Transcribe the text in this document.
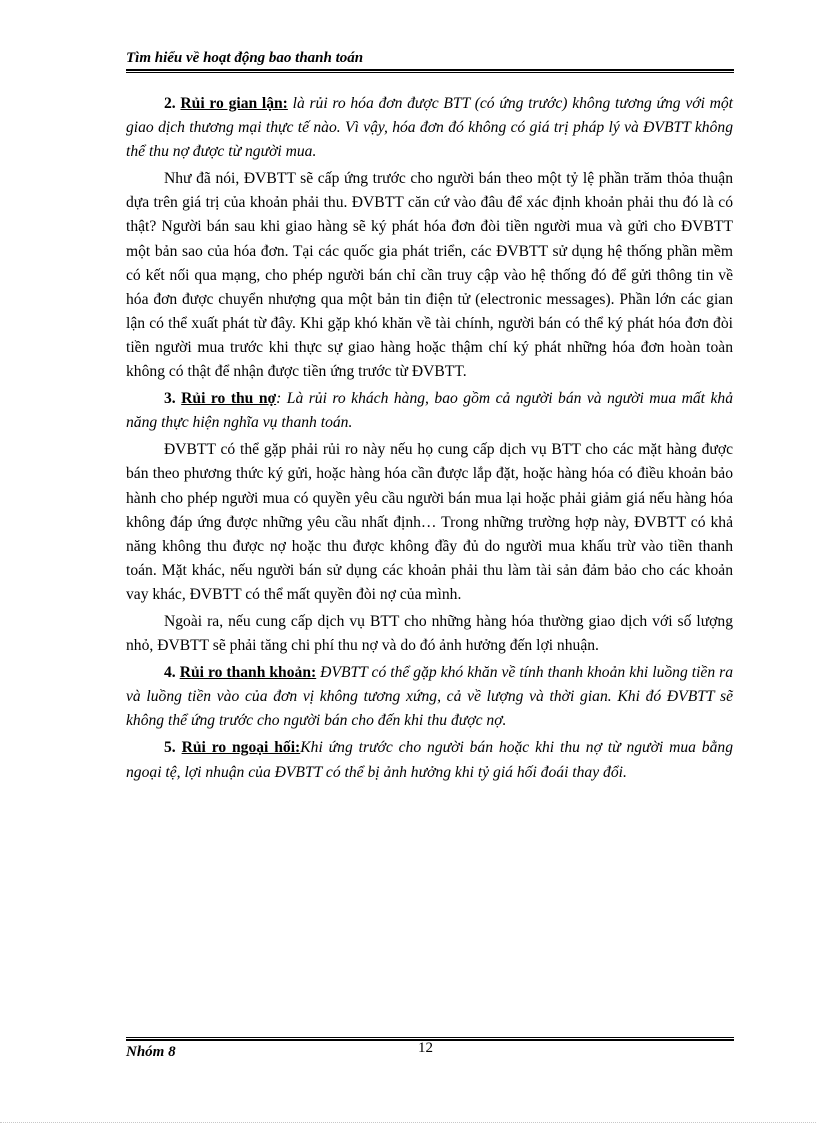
Tìm hiểu về hoạt động bao thanh toán

2. Rủi ro gian lận: là rủi ro hóa đơn được BTT (có ứng trước) không tương ứng với một giao dịch thương mại thực tế nào. Vì vậy, hóa đơn đó không có giá trị pháp lý và ĐVBTT không thể thu nợ được từ người mua.

Như đã nói, ĐVBTT sẽ cấp ứng trước cho người bán theo một tỷ lệ phần trăm thỏa thuận dựa trên giá trị của khoản phải thu. ĐVBTT căn cứ vào đâu để xác định khoản phải thu đó là có thật? Người bán sau khi giao hàng sẽ ký phát hóa đơn đòi tiền người mua và gửi cho ĐVBTT một bản sao của hóa đơn. Tại các quốc gia phát triển, các ĐVBTT sử dụng hệ thống phần mềm có kết nối qua mạng, cho phép người bán chỉ cần truy cập vào hệ thống đó để gửi thông tin về hóa đơn được chuyển nhượng qua một bản tin điện tử (electronic messages). Phần lớn các gian lận có thể xuất phát từ đây. Khi gặp khó khăn về tài chính, người bán có thể ký phát hóa đơn đòi tiền người mua trước khi thực sự giao hàng hoặc thậm chí ký phát những hóa đơn hoàn toàn không có thật để nhận được tiền ứng trước từ ĐVBTT.

3. Rủi ro thu nợ: Là rủi ro khách hàng, bao gồm cả người bán và người mua mất khả năng thực hiện nghĩa vụ thanh toán.

ĐVBTT có thể gặp phải rủi ro này nếu họ cung cấp dịch vụ BTT cho các mặt hàng được bán theo phương thức ký gửi, hoặc hàng hóa cần được lắp đặt, hoặc hàng hóa có điều khoản bảo hành cho phép người mua có quyền yêu cầu người bán mua lại hoặc phải giảm giá nếu hàng hóa không đáp ứng được những yêu cầu nhất định… Trong những trường hợp này, ĐVBTT có khả năng không thu được nợ hoặc thu được không đầy đủ do người mua khấu trừ vào tiền thanh toán. Mặt khác, nếu người bán sử dụng các khoản phải thu làm tài sản đảm bảo cho các khoản vay khác, ĐVBTT có thể mất quyền đòi nợ của mình.

Ngoài ra, nếu cung cấp dịch vụ BTT cho những hàng hóa thường giao dịch với số lượng nhỏ, ĐVBTT sẽ phải tăng chi phí thu nợ và do đó ảnh hưởng đến lợi nhuận.

4. Rủi ro thanh khoản: ĐVBTT có thể gặp khó khăn về tính thanh khoản khi luồng tiền ra và luồng tiền vào của đơn vị không tương xứng, cả về lượng và thời gian. Khi đó ĐVBTT sẽ không thể ứng trước cho người bán cho đến khi thu được nợ.

5. Rủi ro ngoại hối:Khi ứng trước cho người bán hoặc khi thu nợ từ người mua bằng ngoại tệ, lợi nhuận của ĐVBTT có thể bị ảnh hưởng khi tỷ giá hối đoái thay đổi.

Nhóm 8	12
